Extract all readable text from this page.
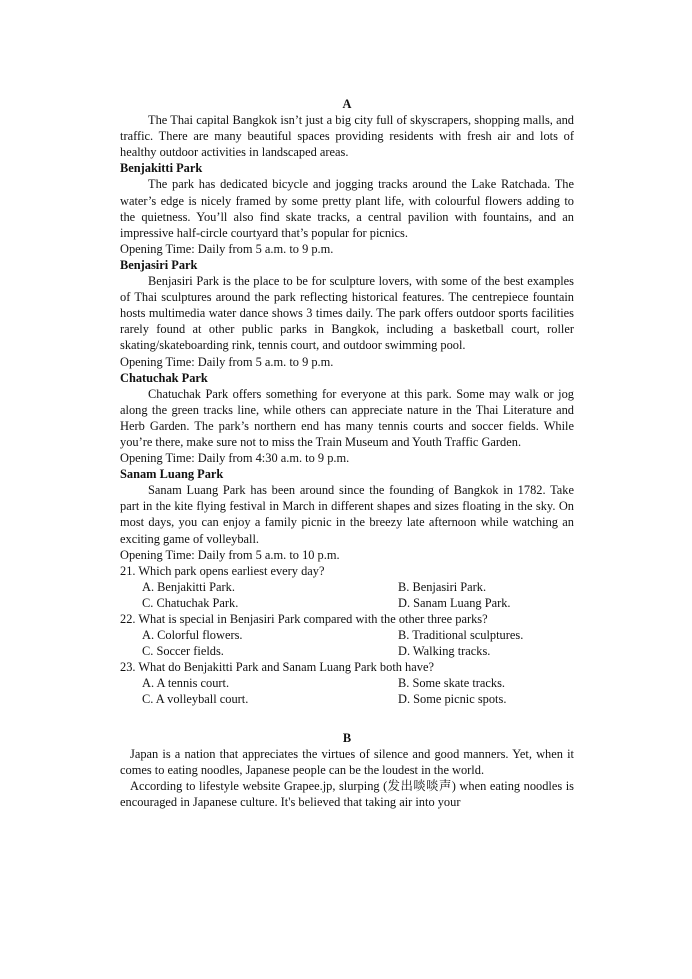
A

The Thai capital Bangkok isn’t just a big city full of skyscrapers, shopping malls, and traffic. There are many beautiful spaces providing residents with fresh air and lots of healthy outdoor activities in landscaped areas.

Benjakitti Park

The park has dedicated bicycle and jogging tracks around the Lake Ratchada. The water’s edge is nicely framed by some pretty plant life, with colourful flowers adding to the quietness. You’ll also find skate tracks, a central pavilion with fountains, and an impressive half-circle courtyard that’s popular for picnics.

Opening Time: Daily from 5 a.m. to 9 p.m.

Benjasiri Park

Benjasiri Park is the place to be for sculpture lovers, with some of the best examples of Thai sculptures around the park reflecting historical features. The centrepiece fountain hosts multimedia water dance shows 3 times daily. The park offers outdoor sports facilities rarely found at other public parks in Bangkok, including a basketball court, roller skating/skateboarding rink, tennis court, and outdoor swimming pool.

Opening Time: Daily from 5 a.m. to 9 p.m.

Chatuchak Park

Chatuchak Park offers something for everyone at this park. Some may walk or jog along the green tracks line, while others can appreciate nature in the Thai Literature and Herb Garden. The park’s northern end has many tennis courts and soccer fields. While you’re there, make sure not to miss the Train Museum and Youth Traffic Garden.

Opening Time: Daily from 4:30 a.m. to 9 p.m.

Sanam Luang Park

Sanam Luang Park has been around since the founding of Bangkok in 1782. Take part in the kite flying festival in March in different shapes and sizes floating in the sky. On most days, you can enjoy a family picnic in the breezy late afternoon while watching an exciting game of volleyball.

Opening Time: Daily from 5 a.m. to 10 p.m.

21. Which park opens earliest every day?

A. Benjakitti Park.	B. Benjasiri Park.
C. Chatuchak Park.	D. Sanam Luang Park.

22. What is special in Benjasiri Park compared with the other three parks?

A. Colorful flowers.	B. Traditional sculptures.
C. Soccer fields.	D. Walking tracks.

23. What do Benjakitti Park and Sanam Luang Park both have?

A. A tennis court.	B. Some skate tracks.
C. A volleyball court.	D. Some picnic spots.

B

Japan is a nation that appreciates the virtues of silence and good manners. Yet, when it comes to eating noodles, Japanese people can be the loudest in the world.

According to lifestyle website Grapee.jp, slurping (发出啖啖声) when eating noodles is encouraged in Japanese culture. It's believed that taking air into your
